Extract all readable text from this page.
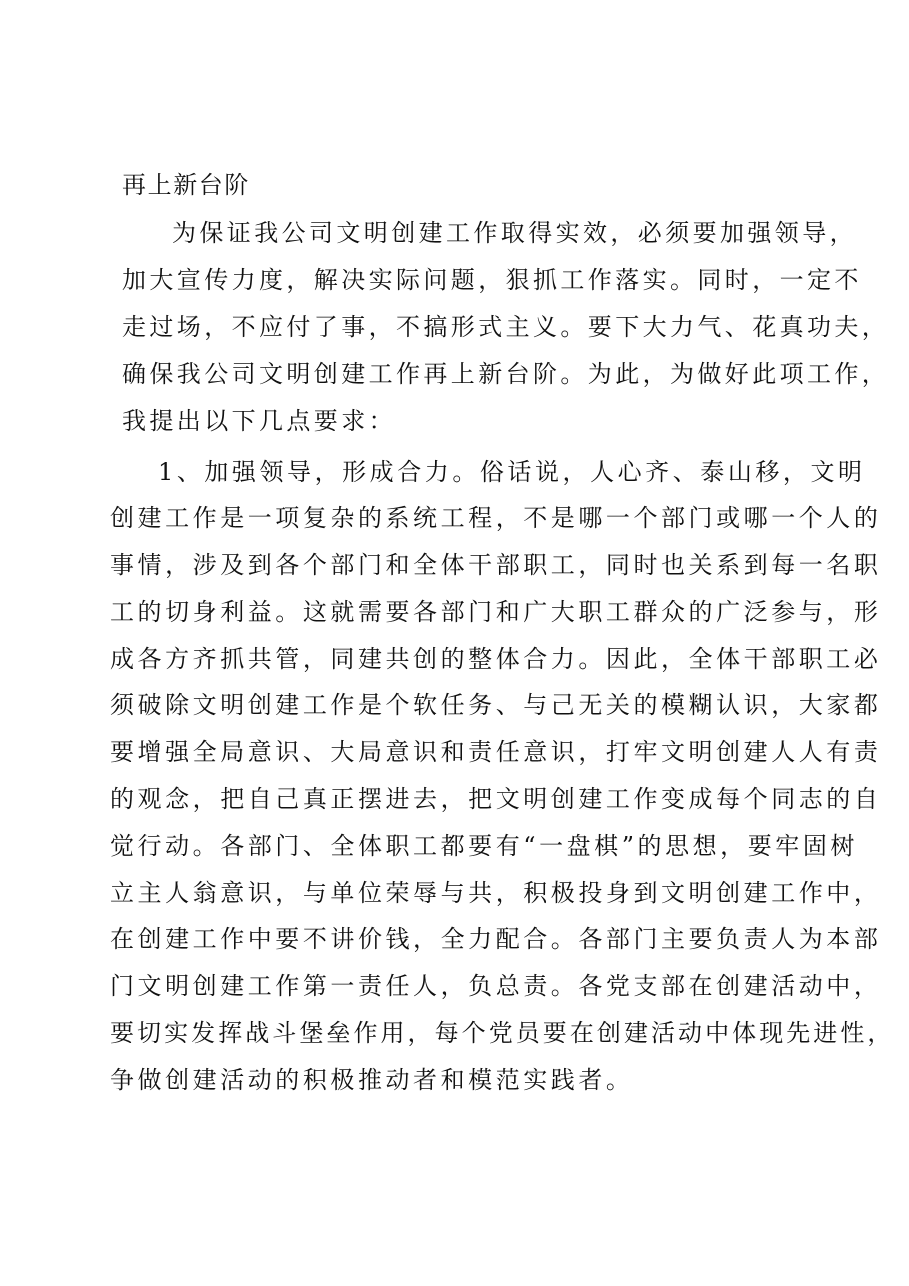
再上新台阶
为保证我公司文明创建工作取得实效，必须要加强领导，
加大宣传力度，解决实际问题，狠抓工作落实。同时，一定不
走过场，不应付了事，不搞形式主义。要下大力气、花真功夫，
确保我公司文明创建工作再上新台阶。为此，为做好此项工作，
我提出以下几点要求：
1、加强领导，形成合力。俗话说，人心齐、泰山移，文明
创建工作是一项复杂的系统工程，不是哪一个部门或哪一个人的
事情，涉及到各个部门和全体干部职工，同时也关系到每一名职
工的切身利益。这就需要各部门和广大职工群众的广泛参与，形
成各方齐抓共管，同建共创的整体合力。因此，全体干部职工必
须破除文明创建工作是个软任务、与己无关的模糊认识，大家都
要增强全局意识、大局意识和责任意识，打牢文明创建人人有责
的观念，把自己真正摆进去，把文明创建工作变成每个同志的自
觉行动。各部门、全体职工都要有“一盘棋”的思想，要牢固树
立主人翁意识，与单位荣辱与共，积极投身到文明创建工作中，
在创建工作中要不讲价钱，全力配合。各部门主要负责人为本部
门文明创建工作第一责任人，负总责。各党支部在创建活动中，
要切实发挥战斗堡垒作用，每个党员要在创建活动中体现先进性，
争做创建活动的积极推动者和模范实践者。
